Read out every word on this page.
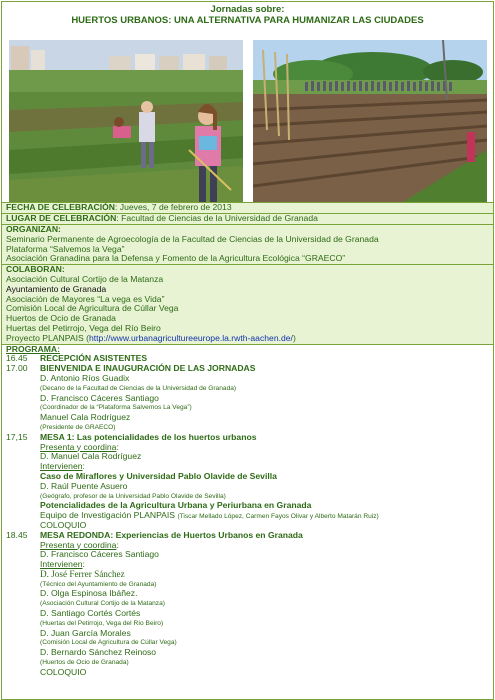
Jornadas sobre:
HUERTOS URBANOS: UNA ALTERNATIVA PARA HUMANIZAR LAS CIUDADES
FECHA DE CELEBRACIÓN: Jueves, 7 de febrero de 2013
LUGAR DE CELEBRACIÓN: Facultad de Ciencias de la Universidad de Granada
ORGANIZAN:
Seminario Permanente de Agroecología de la Facultad de Ciencias de la Universidad de Granada
Plataforma “Salvemos la Vega”
Asociación Granadina para la Defensa y Fomento de la Agricultura Ecológica “GRAECO”
COLABORAN:
Asociación Cultural Cortijo de la Matanza
Ayuntamiento de Granada
Asociación de Mayores “La vega es Vida”
Comisión Local de Agricultura de Cúllar Vega
Huertos de Ocio de Granada
Huertas del Petirrojo, Vega del Río Beiro
Proyecto PLANPAIS (http://www.urbanagricultureeurope.la.rwth-aachen.de/)
PROGRAMA:
16.45 RECEPCIÓN ASISTENTES
17.00 BIENVENIDA E INAUGURACIÓN DE LAS JORNADAS
D. Antonio Ríos Guadix
(Decano de la Facultad de Ciencias de la Universidad de Granada)
D. Francisco Cáceres Santiago
(Coordinador de la “Plataforma Salvemos La Vega”)
Manuel Cala Rodríguez
(Presidente de GRAECO)
17,15 MESA 1: Las potencialidades de los huertos urbanos
Presenta y coordina:
D. Manuel Cala Rodríguez
Intervienen:
Caso de Miraflores y Universidad Pablo Olavide de Sevilla
D. Raúl Puente Asuero
(Geógrafo, profesor de la Universidad Pablo Olavide de Sevilla)
Potencialidades de la Agricultura Urbana y Periurbana en Granada
Equipo de Investigación PLANPAIS (Tiscar Mellado López, Carmen Fayos Olivar y Alberto Matarán Ruiz)
COLOQUIO
18.45 MESA REDONDA: Experiencias de Huertos Urbanos en Granada
Presenta y coordina:
D. Francisco Cáceres Santiago
Intervienen:
D. José Ferrer Sánchez
(Técnico del Ayuntamiento de Granada)
D. Olga Espinosa Ibáñez.
(Asociación Cultural Cortijo de la Matanza)
D. Santiago Cortés Cortés
(Huertas del Petirrojo, Vega del Río Beiro)
D. Juan García Morales
(Comisión Local de Agricultura de Cúllar Vega)
D. Bernardo Sánchez Reinoso
(Huertos de Ocio de Granada)
COLOQUIO
